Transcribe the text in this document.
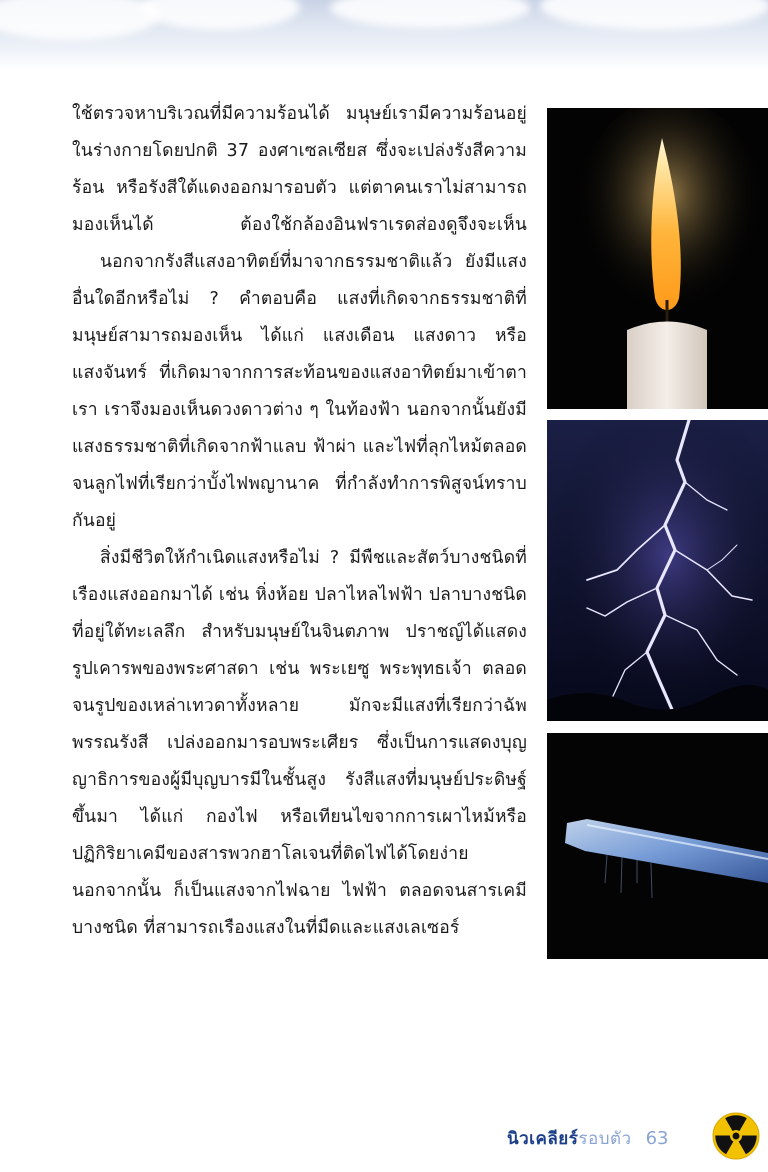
ใช้ตรวจหาบริเวณที่มีความร้อนได้ มนุษย์เรามีความร้อนอยู่ในร่างกายโดยปกติ 37 องศาเซลเซียส ซึ่งจะเปล่งรังสีความร้อน หรือรังสีใต้แดงออกมารอบตัว แต่ตาคนเราไม่สามารถมองเห็นได้ ต้องใช้กล้องอินฟราเรดส่องดูจึงจะเห็น

นอกจากรังสีแสงอาทิตย์ที่มาจากธรรมชาติแล้ว ยังมีแสงอื่นใดอีกหรือไม่ ? คำตอบคือ แสงที่เกิดจากธรรมชาติที่มนุษย์สามารถมองเห็น ได้แก่ แสงเดือน แสงดาว หรือแสงจันทร์ ที่เกิดมาจากการสะท้อนของแสงอาทิตย์มาเข้าตาเรา เราจึงมองเห็นดวงดาวต่าง ๆ ในท้องฟ้า นอกจากนั้นยังมีแสงธรรมชาติที่เกิดจากฟ้าแลบ ฟ้าผ่า และไฟที่ลุกไหม้ตลอดจนลูกไฟที่เรียกว่าบั้งไฟพญานาค ที่กำลังทำการพิสูจน์ทราบกันอยู่

สิ่งมีชีวิตให้กำเนิดแสงหรือไม่ ? มีพืชและสัตว์บางชนิดที่เรืองแสงออกมาได้ เช่น หิ่งห้อย ปลาไหลไฟฟ้า ปลาบางชนิดที่อยู่ใต้ทะเลลึก สำหรับมนุษย์ในจินตภาพ ปราชญ์ได้แสดงรูปเคารพของพระศาสดา เช่น พระเยซู พระพุทธเจ้า ตลอดจนรูปของเหล่าเทวดาทั้งหลาย มักจะมีแสงที่เรียกว่าฉัพพรรณรังสี เปล่งออกมารอบพระเศียร ซึ่งเป็นการแสดงบุญญาธิการของผู้มีบุญบารมีในชั้นสูง รังสีแสงที่มนุษย์ประดิษฐ์ขึ้นมา ได้แก่ กองไฟ หรือเทียนไขจากการเผาไหม้หรือปฏิกิริยาเคมีของสารพวกฮาโลเจนที่ติดไฟได้โดยง่ายนอกจากนั้น ก็เป็นแสงจากไฟฉาย ไฟฟ้า ตลอดจนสารเคมีบางชนิด ที่สามารถเรืองแสงในที่มืดและแสงเลเซอร์

นิวเคลียร์รอบตัว 63
